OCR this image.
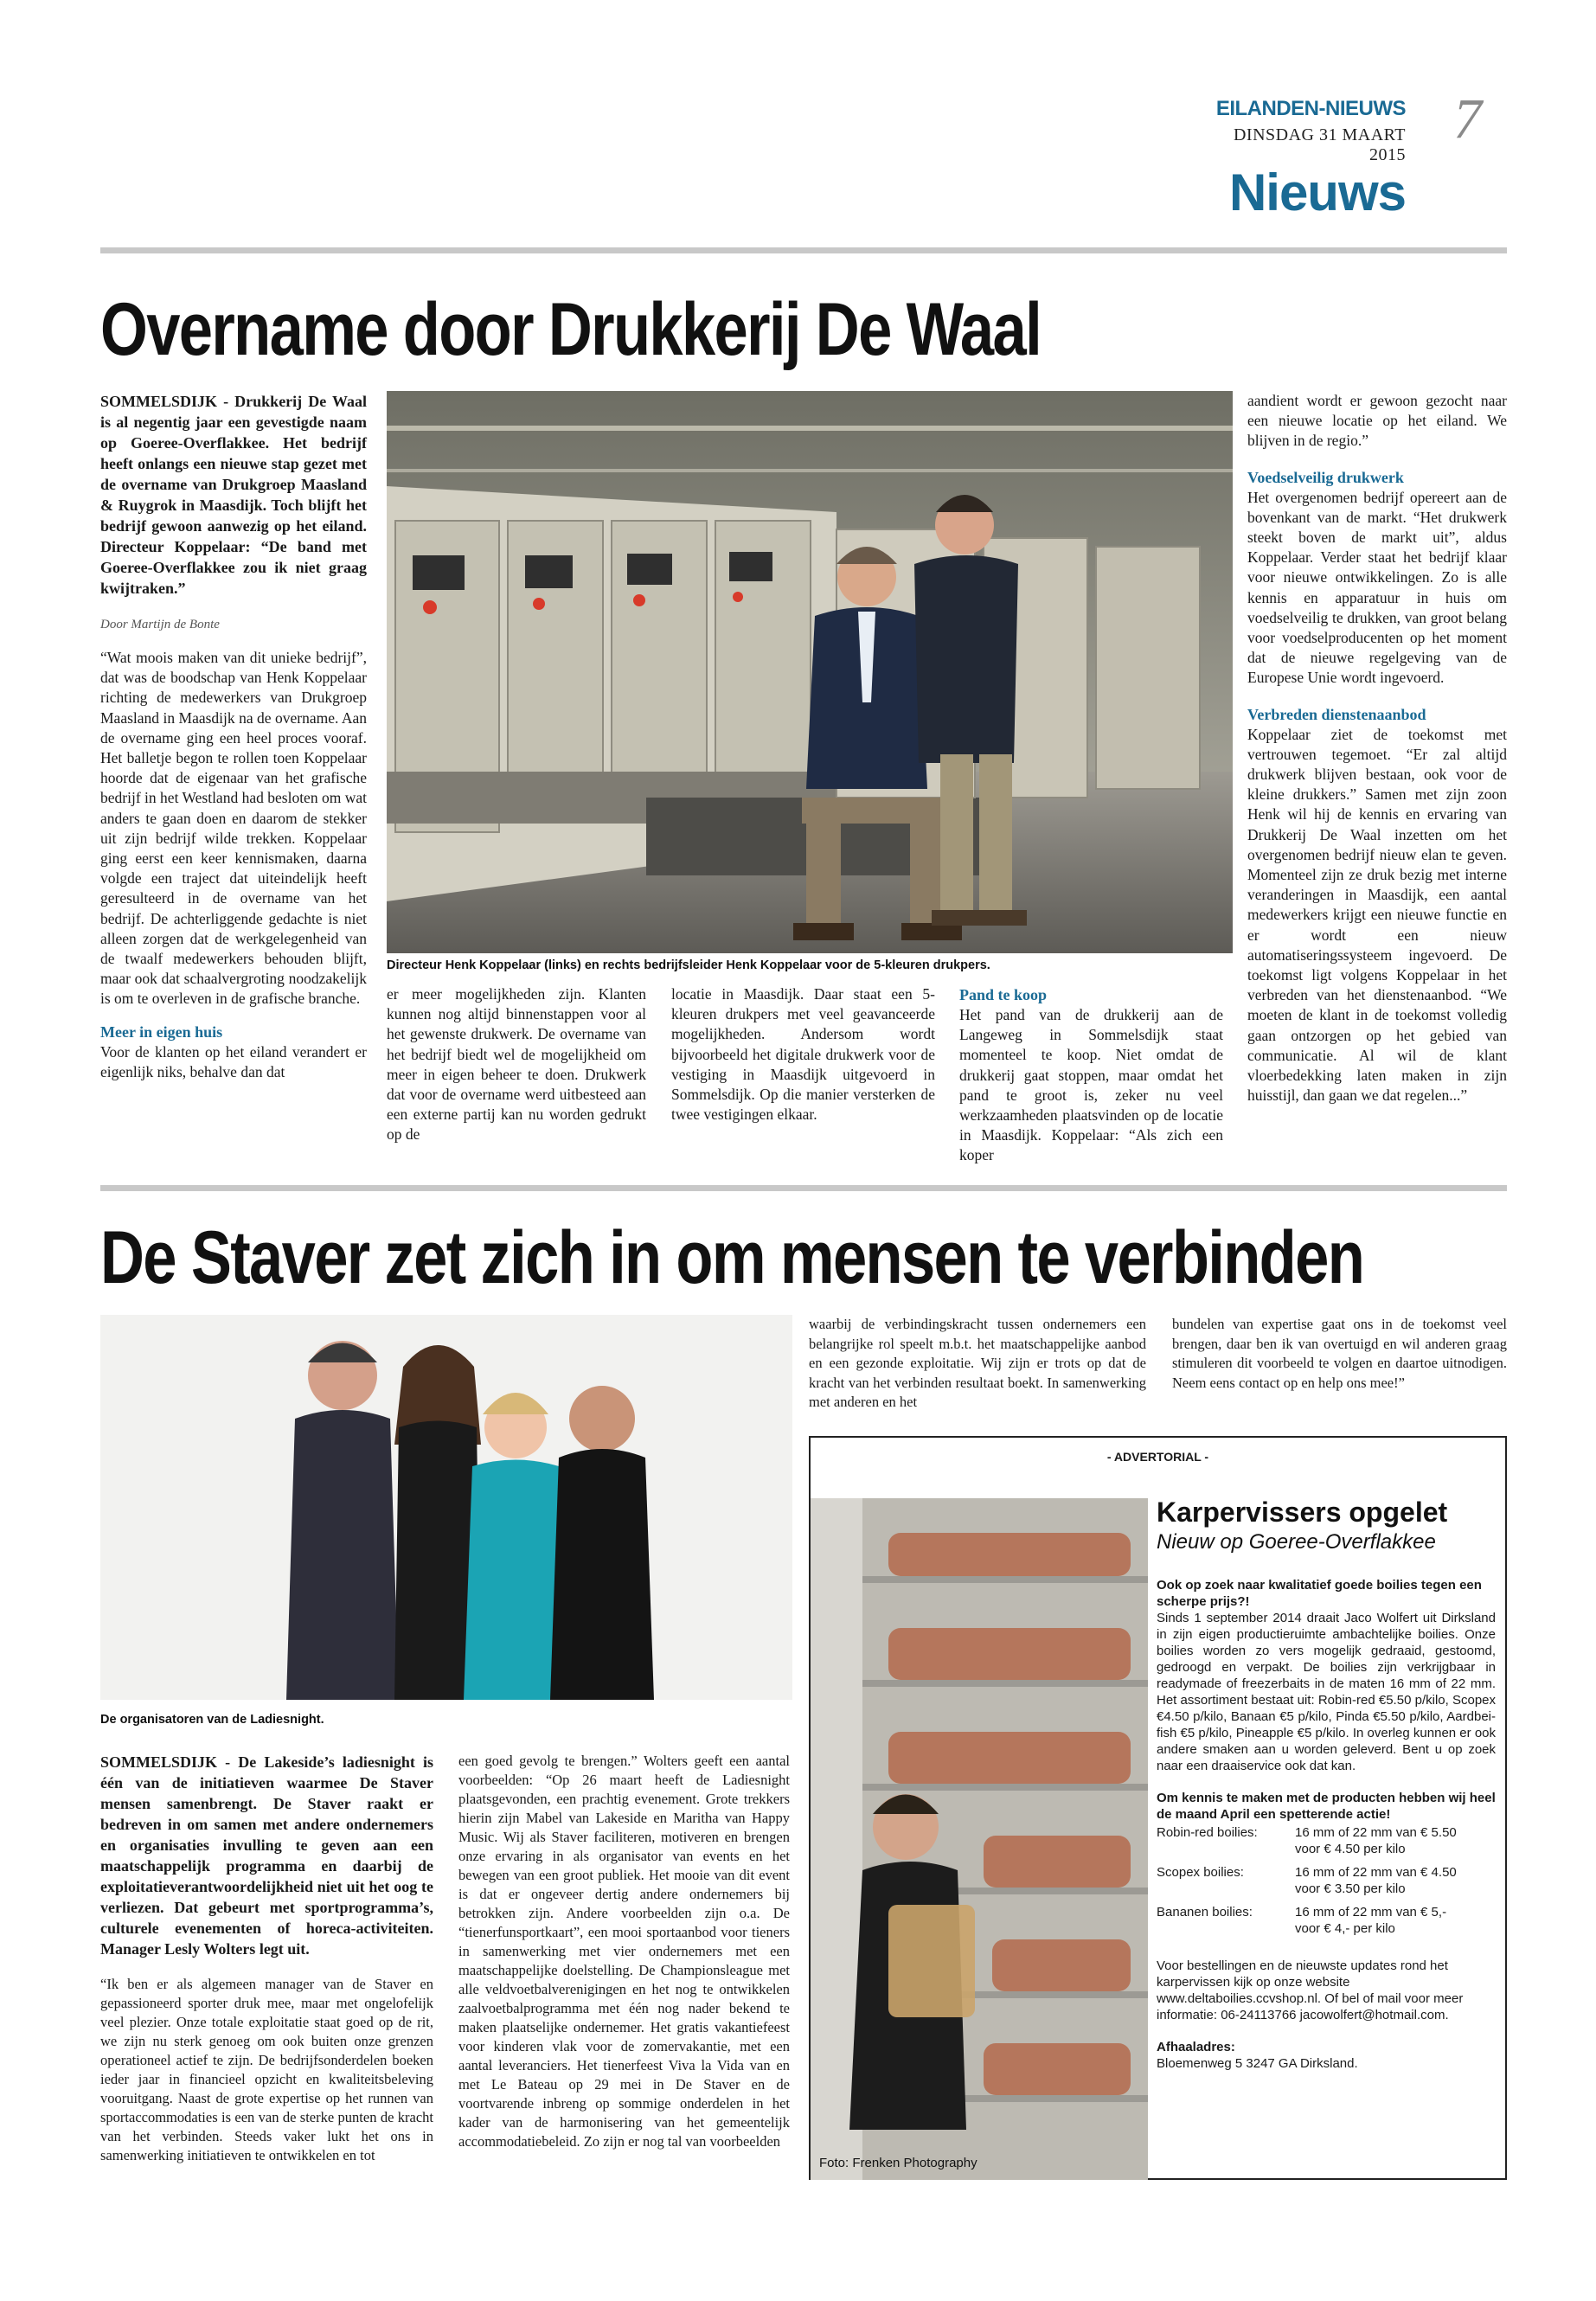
EILANDEN-NIEUWS
DINSDAG 31 MAART 2015
7
Nieuws
Overname door Drukkerij De Waal

SOMMELSDIJK - Drukkerij De Waal is al negentig jaar een gevestigde naam op Goeree-Overflakkee. Het bedrijf heeft onlangs een nieuwe stap gezet met de overname van Drukgroep Maasland & Ruygrok in Maasdijk. Toch blijft het bedrijf gewoon aanwezig op het eiland. Directeur Koppelaar: “De band met Goeree-Overflakkee zou ik niet graag kwijtraken.”

Door Martijn de Bonte

“Wat moois maken van dit unieke bedrijf”, dat was de boodschap van Henk Koppelaar richting de medewerkers van Drukgroep Maasland in Maasdijk na de overname. Aan de overname ging een heel proces vooraf. Het balletje begon te rollen toen Koppelaar hoorde dat de eigenaar van het grafische bedrijf in het Westland had besloten om wat anders te gaan doen en daarom de stekker uit zijn bedrijf wilde trekken. Koppelaar ging eerst een keer kennismaken, daarna volgde een traject dat uiteindelijk heeft geresulteerd in de overname van het bedrijf. De achterliggende gedachte is niet alleen zorgen dat de werkgelegenheid van de twaalf medewerkers behouden blijft, maar ook dat schaalvergroting noodzakelijk is om te overleven in de grafische branche.

Meer in eigen huis

Voor de klanten op het eiland verandert er eigenlijk niks, behalve dan dat

Directeur Henk Koppelaar (links) en rechts bedrijfsleider Henk Koppelaar voor de 5-kleuren drukpers.
er meer mogelijkheden zijn. Klanten kunnen nog altijd binnenstappen voor al het gewenste drukwerk. De overname van het bedrijf biedt wel de mogelijkheid om meer in eigen beheer te doen. Drukwerk dat voor de overname werd uitbesteed aan een externe partij kan nu worden gedrukt op de
locatie in Maasdijk. Daar staat een 5-kleuren drukpers met veel geavanceerde mogelijkheden. Andersom wordt bijvoorbeeld het digitale drukwerk voor de vestiging in Maasdijk uitgevoerd in Sommelsdijk. Op die manier versterken de twee vestigingen elkaar.

Pand te koop

Het pand van de drukkerij aan de Langeweg in Sommelsdijk staat momenteel te koop. Niet omdat de drukkerij gaat stoppen, maar omdat het pand te groot is, zeker nu veel werkzaamheden plaatsvinden op de locatie in Maasdijk. Koppelaar: “Als zich een koper

aandient wordt er gewoon gezocht naar een nieuwe locatie op het eiland. We blijven in de regio.”

Voedselveilig drukwerk

Het overgenomen bedrijf opereert aan de bovenkant van de markt. “Het drukwerk steekt boven de markt uit”, aldus Koppelaar. Verder staat het bedrijf klaar voor nieuwe ontwikkelingen. Zo is alle kennis en apparatuur in huis om voedselveilig te drukken, van groot belang voor voedselproducenten op het moment dat de nieuwe regelgeving van de Europese Unie wordt ingevoerd.

Verbreden dienstenaanbod

Koppelaar ziet de toekomst met vertrouwen tegemoet. “Er zal altijd drukwerk blijven bestaan, ook voor de kleine drukkers.” Samen met zijn zoon Henk wil hij de kennis en ervaring van Drukkerij De Waal inzetten om het overgenomen bedrijf nieuw elan te geven. Momenteel zijn ze druk bezig met interne veranderingen in Maasdijk, een aantal medewerkers krijgt een nieuwe functie en er wordt een nieuw automatiseringssysteem ingevoerd. De toekomst ligt volgens Koppelaar in het verbreden van het dienstenaanbod. “We moeten de klant in de toekomst volledig gaan ontzorgen op het gebied van communicatie. Al wil de klant vloerbedekking laten maken in zijn huisstijl, dan gaan we dat regelen...”

De Staver zet zich in om mensen te verbinden
De organisatoren van de Ladiesnight.
waarbij de verbindingskracht tussen ondernemers een belangrijke rol speelt m.b.t. het maatschappelijke aanbod en een gezonde exploitatie. Wij zijn er trots op dat de kracht van het verbinden resultaat boekt. In samenwerking met anderen en het
bundelen van expertise gaat ons in de toekomst veel brengen, daar ben ik van overtuigd en wil anderen graag stimuleren dit voorbeeld te volgen en daartoe uitnodigen. Neem eens contact op en help ons mee!”

SOMMELSDIJK - De Lakeside’s ladiesnight is één van de initiatieven waarmee De Staver mensen samenbrengt. De Staver raakt er bedreven in om samen met andere ondernemers en organisaties invulling te geven aan een maatschappelijk programma en daarbij de exploitatieverantwoordelijkheid niet uit het oog te verliezen. Dat gebeurt met sportprogramma’s, culturele evenementen of horeca-activiteiten. Manager Lesly Wolters legt uit.

“Ik ben er als algemeen manager van de Staver en gepassioneerd sporter druk mee, maar met ongelofelijk veel plezier. Onze totale exploitatie staat goed op de rit, we zijn nu sterk genoeg om ook buiten onze grenzen operationeel actief te zijn. De bedrijfsonderdelen boeken ieder jaar in financieel opzicht en kwaliteitsbeleving vooruitgang. Naast de grote expertise op het runnen van sportaccommodaties is een van de sterke punten de kracht van het verbinden. Steeds vaker lukt het ons in samenwerking initiatieven te ontwikkelen en tot

een goed gevolg te brengen.” Wolters geeft een aantal voorbeelden: “Op 26 maart heeft de Ladiesnight plaatsgevonden, een prachtig evenement. Grote trekkers hierin zijn Mabel van Lakeside en Maritha van Happy Music. Wij als Staver faciliteren, motiveren en brengen onze ervaring in als organisator van events en het bewegen van een groot publiek. Het mooie van dit event is dat er ongeveer dertig andere ondernemers bij betrokken zijn. Andere voorbeelden zijn o.a. De “tienerfunsportkaart”, een mooi sportaanbod voor tieners in samenwerking met vier ondernemers met een maatschappelijke doelstelling. De Championsleague met alle veldvoetbalverenigingen en het nog te ontwikkelen zaalvoetbalprogramma met één nog nader bekend te maken plaatselijke ondernemer. Het gratis vakantiefeest voor kinderen vlak voor de zomervakantie, met een aantal leveranciers. Het tienerfeest Viva la Vida van en met Le Bateau op 29 mei in De Staver en de voortvarende inbreng op sommige onderdelen in het kader van de harmonisering van het gemeentelijk accommodatiebeleid. Zo zijn er nog tal van voorbeelden
- ADVERTORIAL -
Foto: Frenken Photography
Karpervissers opgelet
Nieuw op Goeree-Overflakkee

Ook op zoek naar kwalitatief goede boilies tegen een scherpe prijs?!

Sinds 1 september 2014 draait Jaco Wolfert uit Dirksland in zijn eigen productieruimte ambachtelijke boilies. Onze boilies worden zo vers mogelijk gedraaid, gestoomd, gedroogd en verpakt. De boilies zijn verkrijgbaar in readymade of freezerbaits in de maten 16 mm of 22 mm. Het assortiment bestaat uit: Robin-red €5.50 p/kilo, Scopex €4.50 p/kilo, Banaan €5 p/kilo, Pinda €5.50 p/kilo, Aardbei-fish €5 p/kilo, Pineapple €5 p/kilo. In overleg kunnen er ook andere smaken aan u worden geleverd. Bent u op zoek naar een draaiservice ook dat kan.

Om kennis te maken met de producten hebben wij heel de maand April een spetterende actie!

Robin-red boilies:	16 mm of 22 mm van € 5.50
voor € 4.50 per kilo

Scopex boilies:	16 mm of 22 mm van € 4.50
voor € 3.50 per kilo

Bananen boilies:	16 mm of 22 mm van € 5,-
voor € 4,- per kilo

Voor bestellingen en de nieuwste updates rond het karpervissen kijk op onze website www.deltaboilies.ccvshop.nl. Of bel of mail voor meer informatie: 06-24113766 jacowolfert@hotmail.com.

Afhaaladres:

Bloemenweg 5 3247 GA Dirksland.
